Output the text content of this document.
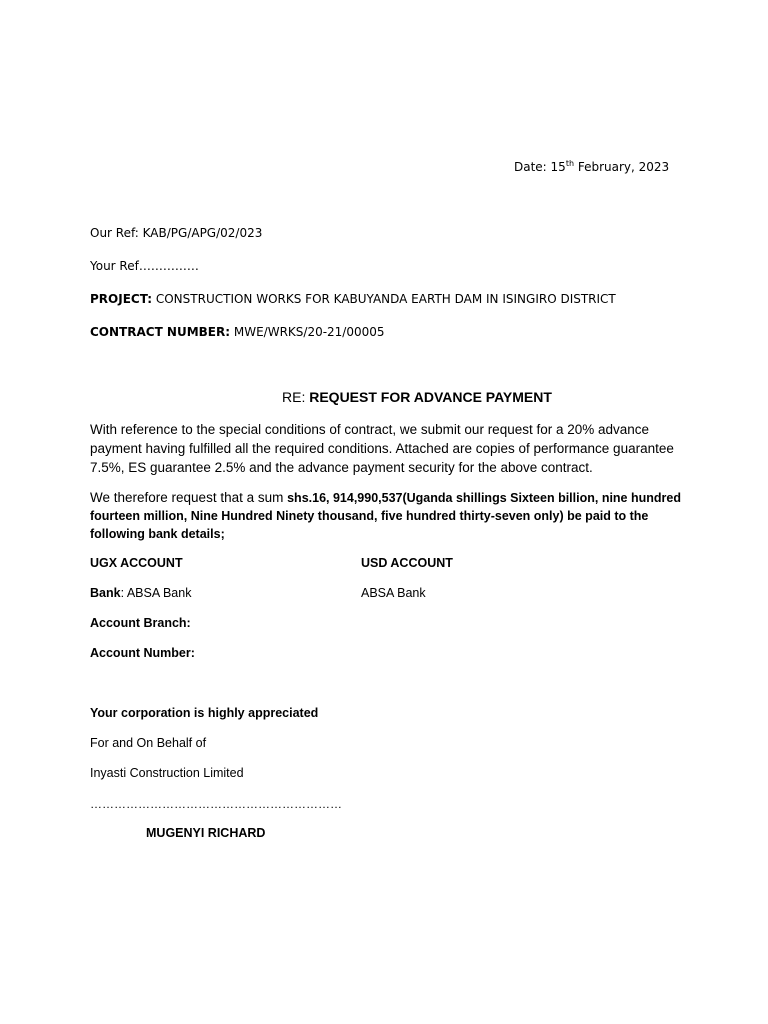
Date: 15th February, 2023
Our Ref: KAB/PG/APG/02/023
Your Ref……………
PROJECT: CONSTRUCTION WORKS FOR KABUYANDA EARTH DAM IN ISINGIRO DISTRICT
CONTRACT NUMBER: MWE/WRKS/20-21/00005
RE: REQUEST FOR ADVANCE PAYMENT
With reference to the special conditions of contract, we submit our request for a 20% advance payment having fulfilled all the required conditions. Attached are copies of performance guarantee 7.5%, ES guarantee 2.5% and the advance payment security for the above contract.
We therefore request that a sum shs.16, 914,990,537(Uganda shillings Sixteen billion, nine hundred fourteen million, Nine Hundred Ninety thousand, five hundred thirty-seven only) be paid to the following bank details;
UGX ACCOUNT	USD ACCOUNT
Bank: ABSA Bank	ABSA Bank
Account Branch:
Account Number:
Your corporation is highly appreciated
For and On Behalf of
Inyasti Construction Limited
………………………………………………………
MUGENYI RICHARD
